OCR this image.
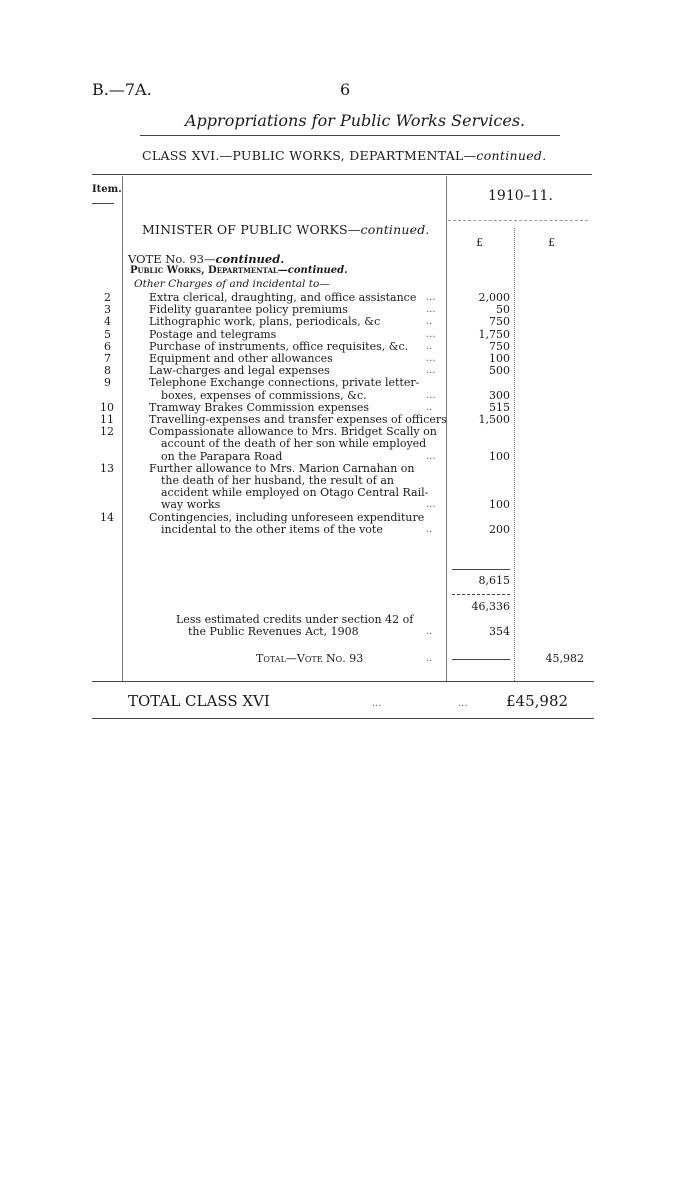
B.—7A.	6
Appropriations for Public Works Services.
CLASS XVI.—PUBLIC WORKS, DEPARTMENTAL—continued.
Item.	1910–11.
£	£
MINISTER OF PUBLIC WORKS—continued.
VOTE No. 93—continued.
Public Works, Departmental—continued.
Other Charges of and incidental to—
2	Extra clerical, draughting, and office assistance ...	2,000
3	Fidelity guarantee policy premiums	...	50
4	Lithographic work, plans, periodicals, &c	..	750
5	Postage and telegrams	...	1,750
6	Purchase of instruments, office requisites, &c. ..	750
7	Equipment and other allowances	...	100
8	Law-charges and legal expenses	...	500
9	Telephone Exchange connections, private letter-
boxes, expenses of commissions, &c.	...	300
10	Tramway Brakes Commission expenses	..	515
11	Travelling-expenses and transfer expenses of officers	1,500
12	Compassionate allowance to Mrs. Bridget Scally on
account of the death of her son while employed
on the Parapara Road	...	100
13	Further allowance to Mrs. Marion Carnahan on
the death of her husband, the result of an
accident while employed on Otago Central Rail-
way works	...	100
14	Contingencies, including unforeseen expenditure
incidental to the other items of the vote	..	200
8,615
46,336
Less estimated credits under section 42 of
the Public Revenues Act, 1908	..	354
Total—Vote No. 93	..	45,982
TOTAL CLASS XVI	...	...	£45,982
